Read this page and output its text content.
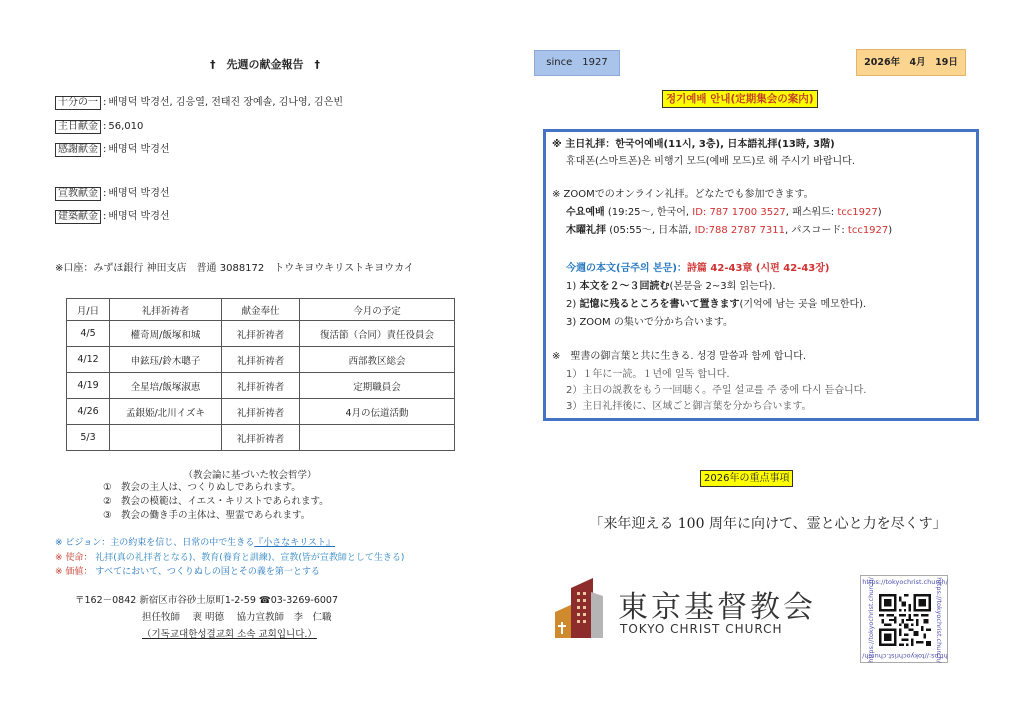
†　先週の献金報告　†
十分の一 : 배명덕 박경선, 김응열, 전태진 장예솔, 김나영, 김은빈
主日献金 : 56,010
感謝献金 : 배명덕 박경선
宣教献金 : 배명덕 박경선
建築献金 : 배명덕 박경선
※口座：みずほ銀行 神田支店　普通 3088172　トウキヨウキリストキヨウカイ
月/日	礼拝祈祷者	献金奉仕	今月の予定
4/5	權奇周/飯塚和城	礼拝祈祷者	復活節（合同）責任役員会
4/12	申鉉珏/鈴木聰子	礼拝祈祷者	西部教区総会
4/19	全星培/飯塚淑恵	礼拝祈祷者	定期職員会
4/26	孟銀姫/北川イズキ	礼拝祈祷者	4月の伝道活動
5/3		礼拝祈祷者	
（教会論に基づいた牧会哲学）
①　教会の主人は、つくりぬしであられます。
②　教会の模範は、イエス・キリストであられます。
③　教会の働き手の主体は、聖霊であられます。
※ ビジョン：主の約束を信じ、日常の中で生きる『小さなキリスト』
※ 使命： 礼拝(真の礼拝者となる)、教育(養育と訓練)、宣教(皆が宣教師として生きる)
※ 価値： すべてにおいて、つくりぬしの国とその義を第一とする
〒162－0842 新宿区市谷砂土原町1-2-59 ☎03-3269-6007
担任牧師　 裵 明德　 協力宣教師　李　仁職
（기독교대한성결교회 소속 교회입니다.）
since　1927	2026年　4月　19日
정기예배 안내(定期集会の案内)
※ 主日礼拝：한국어예배(11시, 3층), 日本語礼拝(13時, 3階)
휴대폰(스마트폰)은 비행기 모드(예배 모드)로 해 주시기 바랍니다.
※ ZOOMでのオンライン礼拝。どなたでも参加できます。
수요예배 (19:25～, 한국어, ID: 787 1700 3527, 패스워드: tcc1927)
木曜礼拝 (05:55～, 日本語, ID:788 2787 7311, パスコード: tcc1927)
今週の本文(금주의 본문)：詩篇 42-43章 (시편 42-43장)
1) 本文を２～３回読む(본문을 2~3회 읽는다).
2) 記憶に残るところを書いて置きます(기억에 남는 곳을 메모한다).
3) ZOOM の集いで分かち合います。
※　聖書の御言葉と共に生きる. 성경 말씀과 함께 합니다.
1）１年に一読。１년에 일독 합니다.
2）主日の説教をもう一回聴く。주일 설교를 주 중에 다시 듣습니다.
3）主日礼拝後に、区域ごと御言葉を分かち合います。
2026年の重点事項
「来年迎える 100 周年に向けて、霊と心と力を尽くす」
東京基督教会
TOKYO CHRIST CHURCH
https://tokyochrist.church/
https://tokyochrist.church/
https://tokyochrist.church/
https://tokyochrist.church/
